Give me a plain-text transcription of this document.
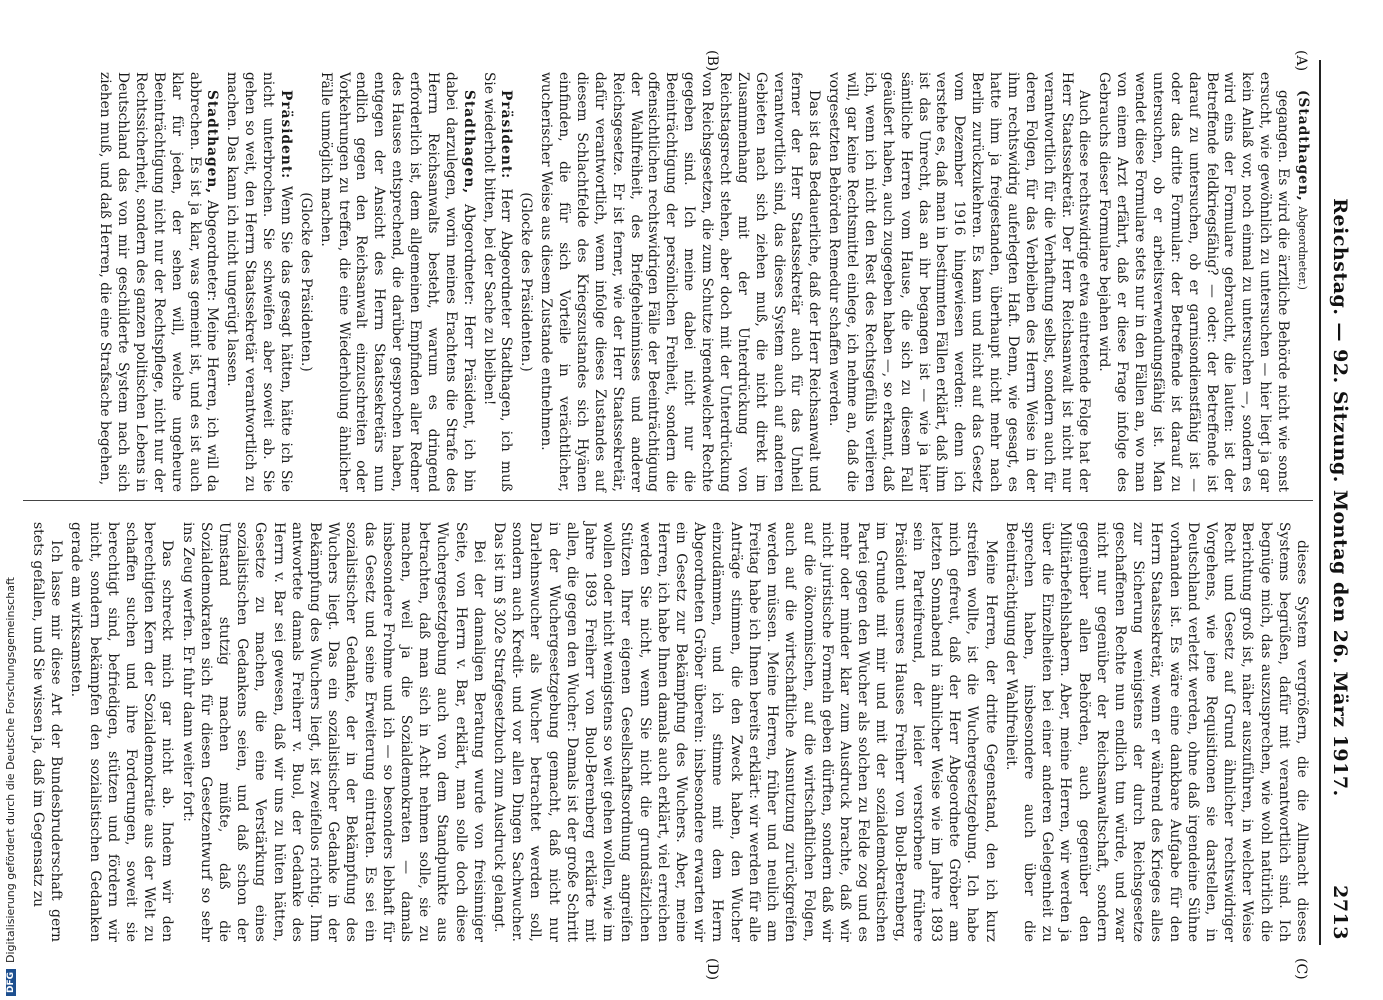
Reichstag. — 92. Sitzung. Montag den 26. März 1917.
2713
(A)
(B)
(C)
(D)

(Stadthagen, Abgeordneter.)

gegangen. Es wird die ärztliche Behörde nicht wie sonst ersucht, wie gewöhnlich zu untersuchen — hier liegt ja gar kein Anlaß vor, noch einmal zu untersuchen —, sondern es wird eins der Formulare gebraucht, die lauten: ist der Betreffende feldkriegsfähig? — oder: der Betreffende ist darauf zu untersuchen, ob er garnisondienstfähig ist — oder das dritte Formular: der Betreffende ist darauf zu untersuchen, ob er arbeitsverwendungsfähig ist. Man wendet diese Formulare stets nur in den Fällen an, wo man von einem Arzt erfährt, daß er diese Frage infolge des Gebrauchs dieser Formulare bejahen wird.

Auch diese rechtswidrige etwa eintretende Folge hat der Herr Staatssekretär. Der Herr Reichsanwalt ist nicht nur verantwortlich für die Verhaftung selbst, sondern auch für deren Folgen, für das Verbleiben des Herrn Weise in der ihm rechtswidrig auferlegten Haft. Denn, wie gesagt, es hatte ihm ja freigestanden, überhaupt nicht mehr nach Berlin zurückzukehren. Es kann und nicht auf das Gesetz vom Dezember 1916 hingewiesen werden: denn ich verstehe es, daß man in bestimmten Fällen erklärt, daß ihm ist das Unrecht, das an ihr begangen ist — wie ja hier sämtliche Herren vom Hause, die sich zu diesem Fall geäußert haben, auch zugegeben haben —, so erkannt, daß ich, wenn ich nicht den Rest des Rechtsgefühls verlieren will, gar keine Rechtsmittel einlege, ich nehme an, daß die vorgesetzten Behörden Remedur schaffen werden.

Das ist das Bedauerliche, daß der Herr Reichsanwalt und ferner der Herr Staatssekretär auch für das Unheil verantwortlich sind, das dieses System auch auf anderen Gebieten nach sich ziehen muß, die nicht direkt im Zusammenhang mit der Unterdrückung von Reichstagsrecht stehen, aber doch mit der Unterdrückung von Reichsgesetzen, die zum Schutze irgendwelcher Rechte gegeben sind. Ich meine dabei nicht nur die Beeinträchtigung der persönlichen Freiheit, sondern die offensichtlichen rechtswidrigen Fälle der Beeinträchtigung der Wahlfreiheit, des Briefgeheimnisses und anderer Reichsgesetze. Er ist ferner, wie der Herr Staatssekretär, dafür verantwortlich, wenn infolge dieses Zustandes auf diesem Schlachtfelde des Kriegszustandes sich Hyänen einfinden, die für sich Vorteile in verächtlicher, wucherischer Weise aus diesem Zustande entnehmen.

(Glocke des Präsidenten.)

Präsident: Herr Abgeordneter Stadthagen, ich muß Sie wiederholt bitten, bei der Sache zu bleiben!

Stadthagen, Abgeordneter: Herr Präsident, ich bin dabei darzulegen, worin meines Erachtens die Strafe des Herrn Reichsanwalts besteht, warum es dringend erforderlich ist, dem allgemeinen Empfinden aller Redner des Hauses entsprechend, die darüber gesprochen haben, entgegen der Ansicht des Herrn Staatssekretärs nun endlich gegen den Reichsanwalt einzuschreiten oder Vorkehrungen zu treffen, die eine Wiederholung ähnlicher Fälle unmöglich machen.

(Glocke des Präsidenten.)

Präsident: Wenn Sie das gesagt hätten, hätte ich Sie nicht unterbrochen. Sie schweifen aber soweit ab. Sie gehen so weit, den Herrn Staatssekretär verantwortlich zu machen. Das kann ich nicht ungerügt lassen.

Stadthagen, Abgeordneter: Meine Herren, ich will da abbrechen. Es ist ja klar, was gemeint ist, und es ist auch klar für jeden, der sehen will, welche ungeheure Beeinträchtigung nicht nur der Rechtspflege, nicht nur der Rechtssicherheit, sondern des ganzen politischen Lebens in Deutschland das von mir geschilderte System nach sich ziehen muß, und daß Herren, die eine Strafsache begehen,

dieses System vergrößern, die die Allmacht dieses Systems begrüßen, dafür mit verantwortlich sind. Ich begnüge mich, das auszusprechen, wie wohl natürlich die Berichtung groß ist, näher auszuführen, in welcher Weise Recht und Gesetz auf Grund ähnlicher rechtswidriger Vorgehens, wie jene Requisitionen sie darstellen, in Deutschland verletzt werden, ohne daß irgendeine Sühne vorhanden ist. Es wäre eine dankbare Aufgabe für den Herrn Staatssekretär, wenn er während des Krieges alles zur Sicherung wenigstens der durch Reichsgesetze geschaffenen Rechte nun endlich tun würde, und zwar nicht nur gegenüber der Reichsanwaltschaft, sondern gegenüber allen Behörden, auch gegenüber den Militärbefehlshabern. Aber, meine Herren, wir werden ja über die Einzelheiten bei einer anderen Gelegenheit zu sprechen haben, insbesondere auch über die Beeinträchtigung der Wahlfreiheit.

Meine Herren, der dritte Gegenstand, den ich kurz streifen wollte, ist die Wuchergesetzgebung. Ich habe mich gefreut, daß der Herr Abgeordnete Gröber am letzten Sonnabend in ähnlicher Weise wie im Jahre 1893 sein Parteifreund, der leider verstorbene frühere Präsident unseres Hauses Freiherr von Buol-Berenberg, im Grunde mit mir und mit der sozialdemokratischen Partei gegen den Wucher als solchen zu Felde zog und es mehr oder minder klar zum Ausdruck brachte, daß wir nicht juristische Formeln geben dürften, sondern daß wir auf die ökonomischen, auf die wirtschaftlichen Folgen, auch auf die wirtschaftliche Ausnutzung zurückgreifen werden müssen. Meine Herren, früher und neulich am Freitag habe ich Ihnen bereits erklärt: wir werden für alle Anträge stimmen, die den Zweck haben, den Wucher einzudämmen, und ich stimme mit dem Herrn Abgeordneten Gröber überein: insbesondere erwarten wir ein Gesetz zur Bekämpfung des Wuchers. Aber, meine Herren, ich habe Ihnen damals auch erklärt, viel erreichen werden Sie nicht, wenn Sie nicht die grundsätzlichen Stützen Ihrer eigenen Gesellschaftsordnung angreifen wollen oder nicht wenigstens so weit gehen wollen, wie im Jahre 1893 Freiherr von Buol-Berenberg erklärte mit allen, die gegen den Wucher: Damals ist der große Schritt in der Wuchergesetzgebung gemacht, daß nicht nur Darlehnswucher als Wucher betrachtet werden soll, sondern auch Kredit- und vor allen Dingen Sachwucher. Das ist im § 302e Strafgesetzbuch zum Ausdruck gelangt.

Bei der damaligen Beratung wurde von freisinniger Seite, von Herrn v. Bar, erklärt, man solle doch diese Wuchergesetzgebung auch von dem Standpunkte aus betrachten, daß man sich in Acht nehmen solle, sie zu machen, weil ja die Sozialdemokraten — damals insbesondere Frohme und ich — so besonders lebhaft für das Gesetz und seine Erweiterung eintraten. Es sei ein sozialistischer Gedanke, der in der Bekämpfung des Wuchers liegt. Das ein sozialistischer Gedanke in der Bekämpfung des Wuchers liegt, ist zweifellos richtig. Ihm antwortete damals Freiherr v. Buol, der Gedanke des Herrn v. Bar sei gewesen, daß wir uns zu hüten hätten, Gesetze zu machen, die eine Verstärkung eines sozialistischen Gedankens seien, und daß schon der Umstand stutzig machen müßte, daß die Sozialdemokraten sich für diesen Gesetzentwurf so sehr ins Zeug werfen. Er fuhr dann weiter fort:

Das schreckt mich gar nicht ab. Indem wir den berechtigten Kern der Sozialdemokratie aus der Welt zu schaffen suchen und ihre Forderungen, soweit sie berechtigt sind, befriedigen, stützen und fördern wir nicht, sondern bekämpfen den sozialistischen Gedanken gerade am wirksamsten.

Ich lasse mir diese Art der Bundesbruderschaft gern stets gefallen, und Sie wissen ja, daß im Gegensatz zu

DFGDigitalisierung gefördert durch die Deutsche Forschungsgemeinschaft
